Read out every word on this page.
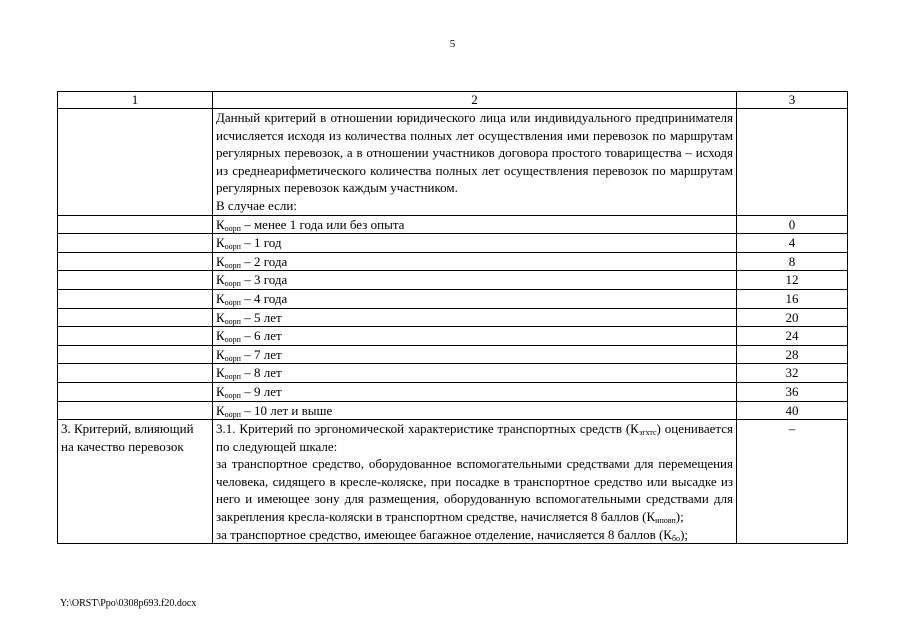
5
1	2	3
	Данный критерий в отношении юридического лица или индивидуального предпринимателя исчисляется исходя из количества полных лет осуществления ими перевозок по маршрутам регулярных перевозок, а в отношении участников договора простого товарищества – исходя из среднеарифметического количества полных лет осуществления перевозок по маршрутам регулярных перевозок каждым участником.
В случае если:	
	$К_{оорп}$ – менее 1 года или без опыта	0
	$К_{оорп} - 1$ год	4
	$К_{оорп} - 2$ года	8
	$К_{оорп} - 3$ года	12
	$К_{оорп} - 4$ года	16
	$К_{оорп} - 5$ лет	20
	$К_{оорп} - 6$ лет	24
	$К_{оорп} - 7$ лет	28
	$К_{оорп} - 8$ лет	32
	$К_{оорп} - 9$ лет	36
	$К_{оорп} - 10$ лет и выше	40
3. Критерий, влияющий на качество перевозок	3.1. Критерий по эргономической характеристике транспортных средств $(К_{эгхтс})$ оценивается по следующей шкале:
за транспортное средство, оборудованное вспомогательными средствами для перемещения человека, сидящего в кресле-коляске, при посадке в транспортное средство или высадке из него и имеющее зону для размещения, оборудованную вспомогательными средствами для закрепления кресла-коляски в транспортном средстве, начисляется 8 баллов $(К_{иповп})$;
за транспортное средство, имеющее багажное отделение, начисляется 8 баллов $(К_{бо})$;	–
Y:\ORST\Ppo\0308p693.f20.docx
